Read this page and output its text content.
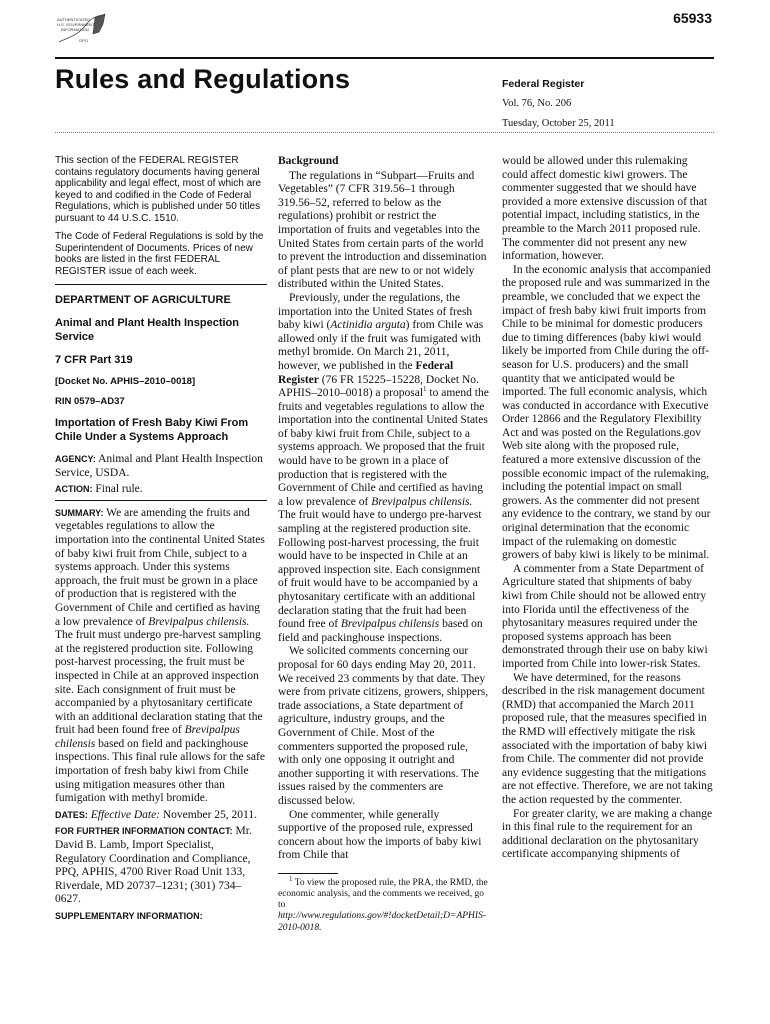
AUTHENTICATED
U.S. GOVERNMENT
INFORMATION
GPO
65933
Rules and Regulations	Federal Register
Vol. 76, No. 206
Tuesday, October 25, 2011

This section of the FEDERAL REGISTER contains regulatory documents having general applicability and legal effect, most of which are keyed to and codified in the Code of Federal Regulations, which is published under 50 titles pursuant to 44 U.S.C. 1510.

The Code of Federal Regulations is sold by the Superintendent of Documents. Prices of new books are listed in the first FEDERAL REGISTER issue of each week.

DEPARTMENT OF AGRICULTURE

Animal and Plant Health Inspection Service

7 CFR Part 319

[Docket No. APHIS–2010–0018]

RIN 0579–AD37

Importation of Fresh Baby Kiwi From Chile Under a Systems Approach

AGENCY: Animal and Plant Health Inspection Service, USDA.

ACTION: Final rule.

SUMMARY: We are amending the fruits and vegetables regulations to allow the importation into the continental United States of baby kiwi fruit from Chile, subject to a systems approach. Under this systems approach, the fruit must be grown in a place of production that is registered with the Government of Chile and certified as having a low prevalence of Brevipalpus chilensis. The fruit must undergo pre-harvest sampling at the registered production site. Following post-harvest processing, the fruit must be inspected in Chile at an approved inspection site. Each consignment of fruit must be accompanied by a phytosanitary certificate with an additional declaration stating that the fruit had been found free of Brevipalpus chilensis based on field and packinghouse inspections. This final rule allows for the safe importation of fresh baby kiwi from Chile using mitigation measures other than fumigation with methyl bromide.

DATES: Effective Date: November 25, 2011.

FOR FURTHER INFORMATION CONTACT: Mr. David B. Lamb, Import Specialist, Regulatory Coordination and Compliance, PPQ, APHIS, 4700 River Road Unit 133, Riverdale, MD 20737–1231; (301) 734–0627.

SUPPLEMENTARY INFORMATION:

Background

The regulations in “Subpart—Fruits and Vegetables” (7 CFR 319.56–1 through 319.56–52, referred to below as the regulations) prohibit or restrict the importation of fruits and vegetables into the United States from certain parts of the world to prevent the introduction and dissemination of plant pests that are new to or not widely distributed within the United States.

Previously, under the regulations, the importation into the United States of fresh baby kiwi (Actinidia arguta) from Chile was allowed only if the fruit was fumigated with methyl bromide. On March 21, 2011, however, we published in the Federal Register (76 FR 15225–15228, Docket No. APHIS–2010–0018) a proposal$^1$ to amend the fruits and vegetables regulations to allow the importation into the continental United States of baby kiwi fruit from Chile, subject to a systems approach. We proposed that the fruit would have to be grown in a place of production that is registered with the Government of Chile and certified as having a low prevalence of Brevipalpus chilensis. The fruit would have to undergo pre-harvest sampling at the registered production site. Following post-harvest processing, the fruit would have to be inspected in Chile at an approved inspection site. Each consignment of fruit would have to be accompanied by a phytosanitary certificate with an additional declaration stating that the fruit had been found free of Brevipalpus chilensis based on field and packinghouse inspections.

We solicited comments concerning our proposal for 60 days ending May 20, 2011. We received 23 comments by that date. They were from private citizens, growers, shippers, trade associations, a State department of agriculture, industry groups, and the Government of Chile. Most of the commenters supported the proposed rule, with only one opposing it outright and another supporting it with reservations. The issues raised by the commenters are discussed below.

One commenter, while generally supportive of the proposed rule, expressed concern about how the imports of baby kiwi from Chile that

$^1$ To view the proposed rule, the PRA, the RMD, the economic analysis, and the comments we received, go to http://www.regulations.gov/#!docketDetail;D=APHIS-2010-0018.

would be allowed under this rulemaking could affect domestic kiwi growers. The commenter suggested that we should have provided a more extensive discussion of that potential impact, including statistics, in the preamble to the March 2011 proposed rule. The commenter did not present any new information, however.

In the economic analysis that accompanied the proposed rule and was summarized in the preamble, we concluded that we expect the impact of fresh baby kiwi fruit imports from Chile to be minimal for domestic producers due to timing differences (baby kiwi would likely be imported from Chile during the off-season for U.S. producers) and the small quantity that we anticipated would be imported. The full economic analysis, which was conducted in accordance with Executive Order 12866 and the Regulatory Flexibility Act and was posted on the Regulations.gov Web site along with the proposed rule, featured a more extensive discussion of the possible economic impact of the rulemaking, including the potential impact on small growers. As the commenter did not present any evidence to the contrary, we stand by our original determination that the economic impact of the rulemaking on domestic growers of baby kiwi is likely to be minimal.

A commenter from a State Department of Agriculture stated that shipments of baby kiwi from Chile should not be allowed entry into Florida until the effectiveness of the phytosanitary measures required under the proposed systems approach has been demonstrated through their use on baby kiwi imported from Chile into lower-risk States.

We have determined, for the reasons described in the risk management document (RMD) that accompanied the March 2011 proposed rule, that the measures specified in the RMD will effectively mitigate the risk associated with the importation of baby kiwi from Chile. The commenter did not provide any evidence suggesting that the mitigations are not effective. Therefore, we are not taking the action requested by the commenter.

For greater clarity, we are making a change in this final rule to the requirement for an additional declaration on the phytosanitary certificate accompanying shipments of
